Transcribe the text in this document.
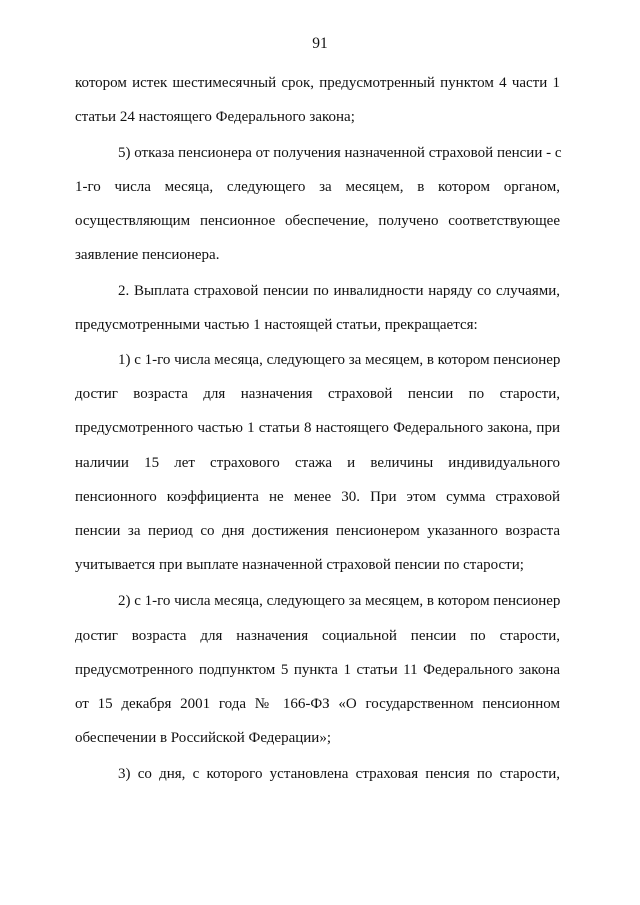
91
котором истек шестимесячный срок, предусмотренный пунктом 4 части 1
статьи 24 настоящего Федерального закона;
5) отказа пенсионера от получения назначенной страховой пенсии - с
1-го числа месяца, следующего за месяцем, в котором органом,
осуществляющим пенсионное обеспечение, получено соответствующее
заявление пенсионера.
2. Выплата страховой пенсии по инвалидности наряду со случаями,
предусмотренными частью 1 настоящей статьи, прекращается:
1) с 1-го числа месяца, следующего за месяцем, в котором пенсионер
достиг возраста для назначения страховой пенсии по старости,
предусмотренного частью 1 статьи 8 настоящего Федерального закона, при
наличии 15 лет страхового стажа и величины индивидуального
пенсионного коэффициента не менее 30. При этом сумма страховой
пенсии за период со дня достижения пенсионером указанного возраста
учитывается при выплате назначенной страховой пенсии по старости;
2) с 1-го числа месяца, следующего за месяцем, в котором пенсионер
достиг возраста для назначения социальной пенсии по старости,
предусмотренного подпунктом 5 пункта 1 статьи 11 Федерального закона
от 15 декабря 2001 года № 166-ФЗ «О государственном пенсионном
обеспечении в Российской Федерации»;
3) со дня, с которого установлена страховая пенсия по старости,
